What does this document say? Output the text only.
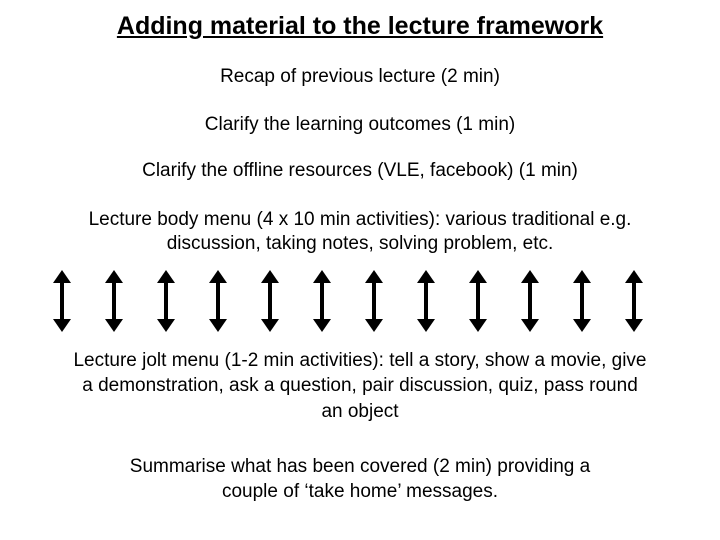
Adding material to the lecture framework
Recap of previous lecture (2 min)
Clarify the learning outcomes (1 min)
Clarify the offline resources (VLE, facebook) (1 min)
Lecture body menu (4 x 10 min activities): various traditional e.g.
discussion, taking notes, solving problem, etc.
Lecture jolt menu (1-2 min activities): tell a story, show a movie, give
a demonstration, ask a question, pair discussion, quiz, pass round
an object
Summarise what has been covered (2 min) providing a
couple of ‘take home’ messages.
